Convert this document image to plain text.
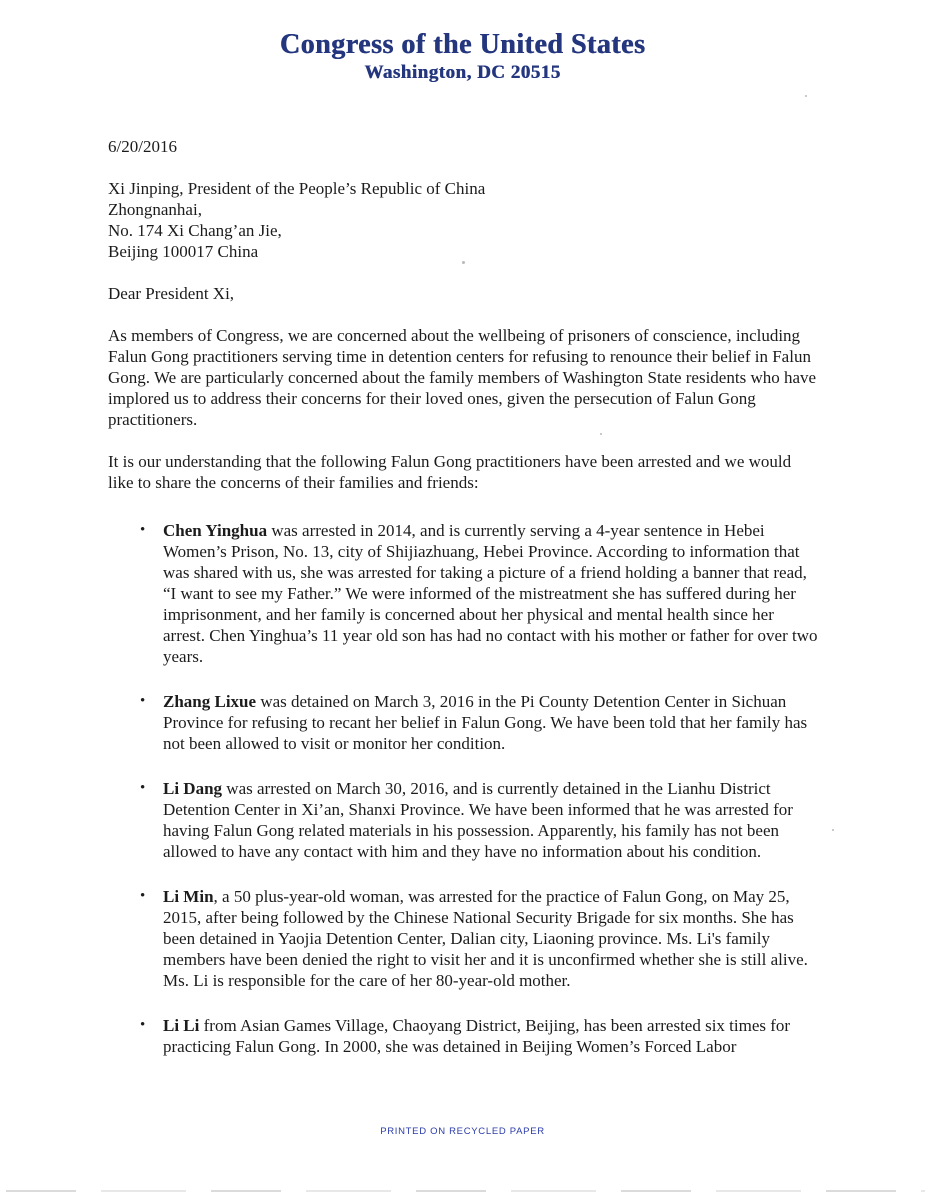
Congress of the United States
Washington, DC 20515
6/20/2016
Xi Jinping, President of the People’s Republic of China
Zhongnanhai,
No. 174 Xi Chang’an Jie,
Beijing 100017 China
Dear President Xi,

As members of Congress, we are concerned about the wellbeing of prisoners of conscience, including Falun Gong practitioners serving time in detention centers for refusing to renounce their belief in Falun Gong. We are particularly concerned about the family members of Washington State residents who have implored us to address their concerns for their loved ones, given the persecution of Falun Gong practitioners.

It is our understanding that the following Falun Gong practitioners have been arrested and we would like to share the concerns of their families and friends:

•	Chen Yinghua was arrested in 2014, and is currently serving a 4-year sentence in Hebei Women’s Prison, No. 13, city of Shijiazhuang, Hebei Province. According to information that was shared with us, she was arrested for taking a picture of a friend holding a banner that read, “I want to see my Father.” We were informed of the mistreatment she has suffered during her imprisonment, and her family is concerned about her physical and mental health since her arrest. Chen Yinghua’s 11 year old son has had no contact with his mother or father for over two years.
•	Zhang Lixue was detained on March 3, 2016 in the Pi County Detention Center in Sichuan Province for refusing to recant her belief in Falun Gong. We have been told that her family has not been allowed to visit or monitor her condition.
•	Li Dang was arrested on March 30, 2016, and is currently detained in the Lianhu District Detention Center in Xi’an, Shanxi Province. We have been informed that he was arrested for having Falun Gong related materials in his possession. Apparently, his family has not been allowed to have any contact with him and they have no information about his condition.
•	Li Min, a 50 plus-year-old woman, was arrested for the practice of Falun Gong, on May 25, 2015, after being followed by the Chinese National Security Brigade for six months. She has been detained in Yaojia Detention Center, Dalian city, Liaoning province. Ms. Li's family members have been denied the right to visit her and it is unconfirmed whether she is still alive. Ms. Li is responsible for the care of her 80-year-old mother.
•	Li Li from Asian Games Village, Chaoyang District, Beijing, has been arrested six times for practicing Falun Gong. In 2000, she was detained in Beijing Women’s Forced Labor
PRINTED ON RECYCLED PAPER
